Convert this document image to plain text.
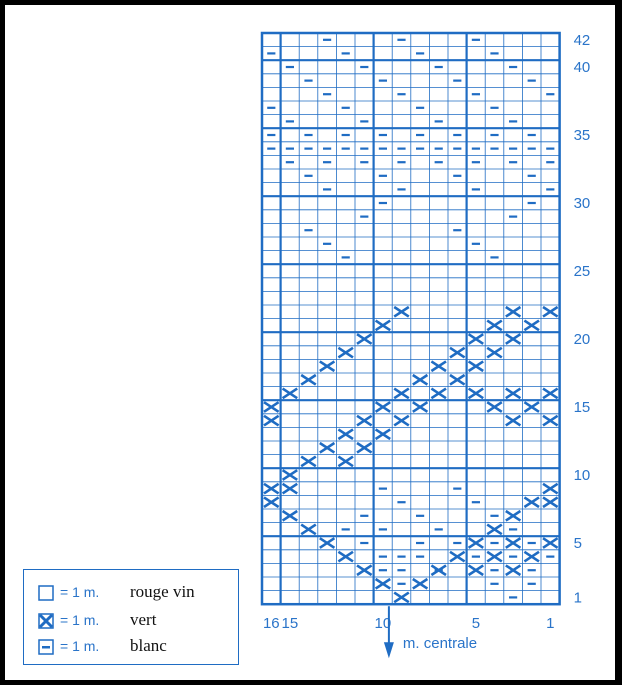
1
5
10
15
20
25
30
35
40
42
16 15	10	5	1
m. centrale
= 1 m. rouge vin
= 1 m. vert
= 1 m. blanc
